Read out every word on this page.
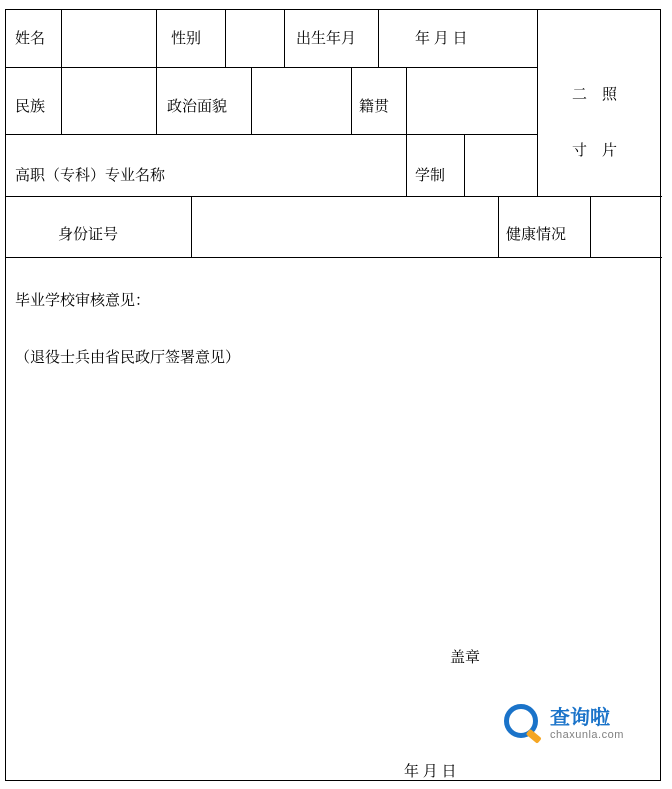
姓名	性别	出生年月	年 月 日
民族	政治面貌	籍贯
高职（专科）专业名称	学制
身份证号	健康情况
二    照
寸    片
毕业学校审核意见：
（退役士兵由省民政厅签署意见）
盖章
年 月 日
查询啦
chaxunla.com
